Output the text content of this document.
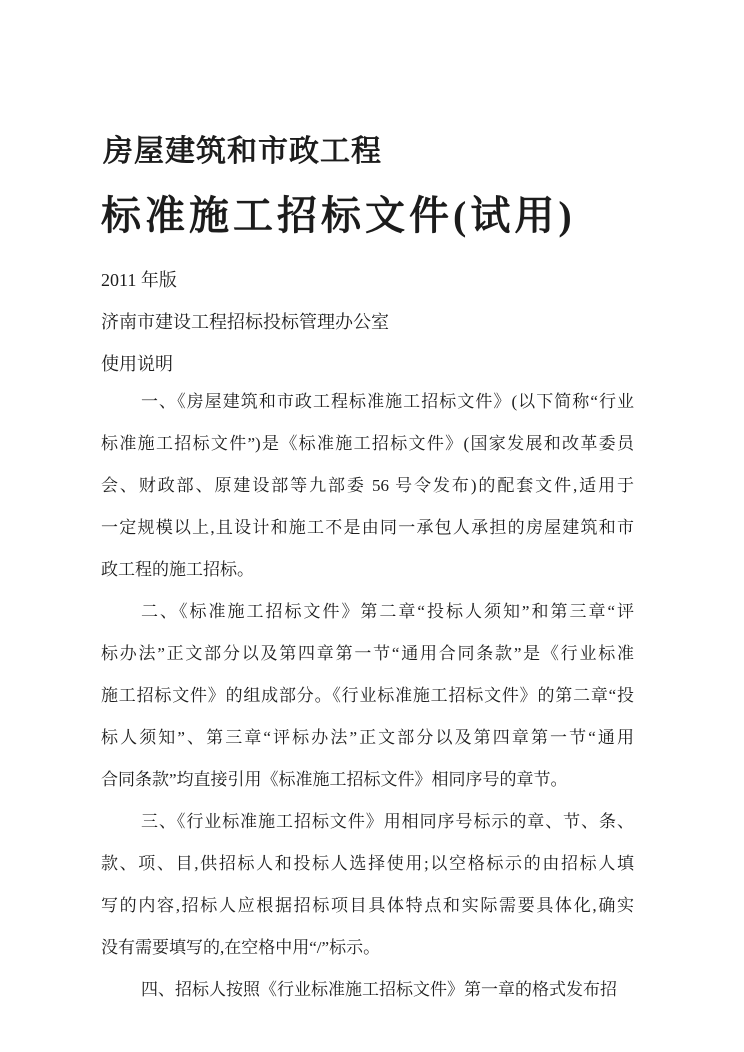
房屋建筑和市政工程
标准施工招标文件(试用)
2011 年版
济南市建设工程招标投标管理办公室
使用说明
一、《房屋建筑和市政工程标准施工招标文件》(以下简称“行业
标准施工招标文件”)是《标准施工招标文件》(国家发展和改革委员
会、财政部、原建设部等九部委 56 号令发布)的配套文件,适用于
一定规模以上,且设计和施工不是由同一承包人承担的房屋建筑和市
政工程的施工招标。
二、《标准施工招标文件》第二章“投标人须知”和第三章“评
标办法”正文部分以及第四章第一节“通用合同条款”是《行业标准
施工招标文件》的组成部分。《行业标准施工招标文件》的第二章“投
标人须知”、第三章“评标办法”正文部分以及第四章第一节“通用
合同条款”均直接引用《标准施工招标文件》相同序号的章节。
三、《行业标准施工招标文件》用相同序号标示的章、节、条、
款、项、目,供招标人和投标人选择使用;以空格标示的由招标人填
写的内容,招标人应根据招标项目具体特点和实际需要具体化,确实
没有需要填写的,在空格中用“/”标示。
四、招标人按照《行业标准施工招标文件》第一章的格式发布招
